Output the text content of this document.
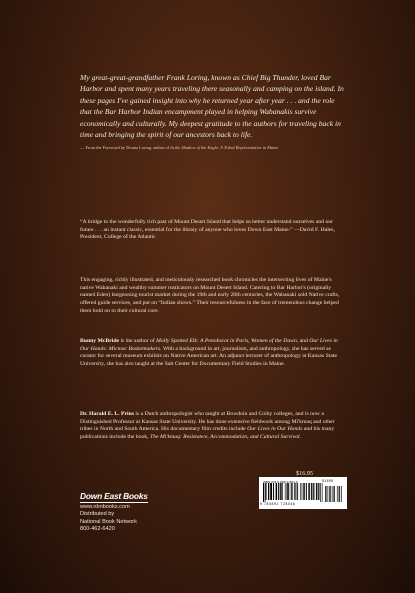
My great-great-grandfather Frank Loring, known as Chief Big Thunder, loved Bar Harbor and spent many years traveling there seasonally and camping on the island. In these pages I've gained insight into why he returned year after year . . . and the role that the Bar Harbor Indian encampment played in helping Wabanakis survive economically and culturally. My deepest gratitude to the authors for traveling back in time and bringing the spirit of our ancestors back to life.

— From the Foreword by Donna Loring, author of In the Shadow of the Eagle: A Tribal Representative in Maine

“A bridge to the wonderfully rich past of Mount Desert Island that helps us better understand ourselves and our future . . . an instant classic, essential for the library of anyone who loves Down East Maine.” —David F. Hales, President, College of the Atlantic

This engaging, richly illustrated, and meticulously researched book chronicles the intersecting lives of Maine's native Wabanaki and wealthy summer rusticators on Mount Desert Island. Catering to Bar Harbor's (originally named Eden) burgeoning tourist market during the 19th and early 20th centuries, the Wabanaki sold Native crafts, offered guide services, and put on “Indian shows.” Their resourcefulness in the face of tremendous change helped them hold on to their cultural core.

Bunny McBride is the author of Molly Spotted Elk: A Penobscot in Paris, Women of the Dawn, and Our Lives in Our Hands: Micmac Basketmakers. With a background in art, journalism, and anthropology, she has served as curator for several museum exhibits on Native American art. An adjunct lecturer of anthropology at Kansas State University, she has also taught at the Salt Center for Documentary Field Studies in Maine.

Dr. Harald E. L. Prins is a Dutch anthropologist who taught at Bowdoin and Colby colleges, and is now a Distinguished Professor at Kansas State University. He has done extensive fieldwork among Mi'kmaq and other tribes in North and South America. His documentary film credits include Our Lives in Our Hands and his many publications include the book, The Mi'kmaq: Resistance, Accommodation, and Cultural Survival.

$16.95
Down East Books
www.nbnbooks.com
Distributed by
National Book Network
800-462-6420
ISBN 978-0-89272-804-6
9 780892 728046
51695
